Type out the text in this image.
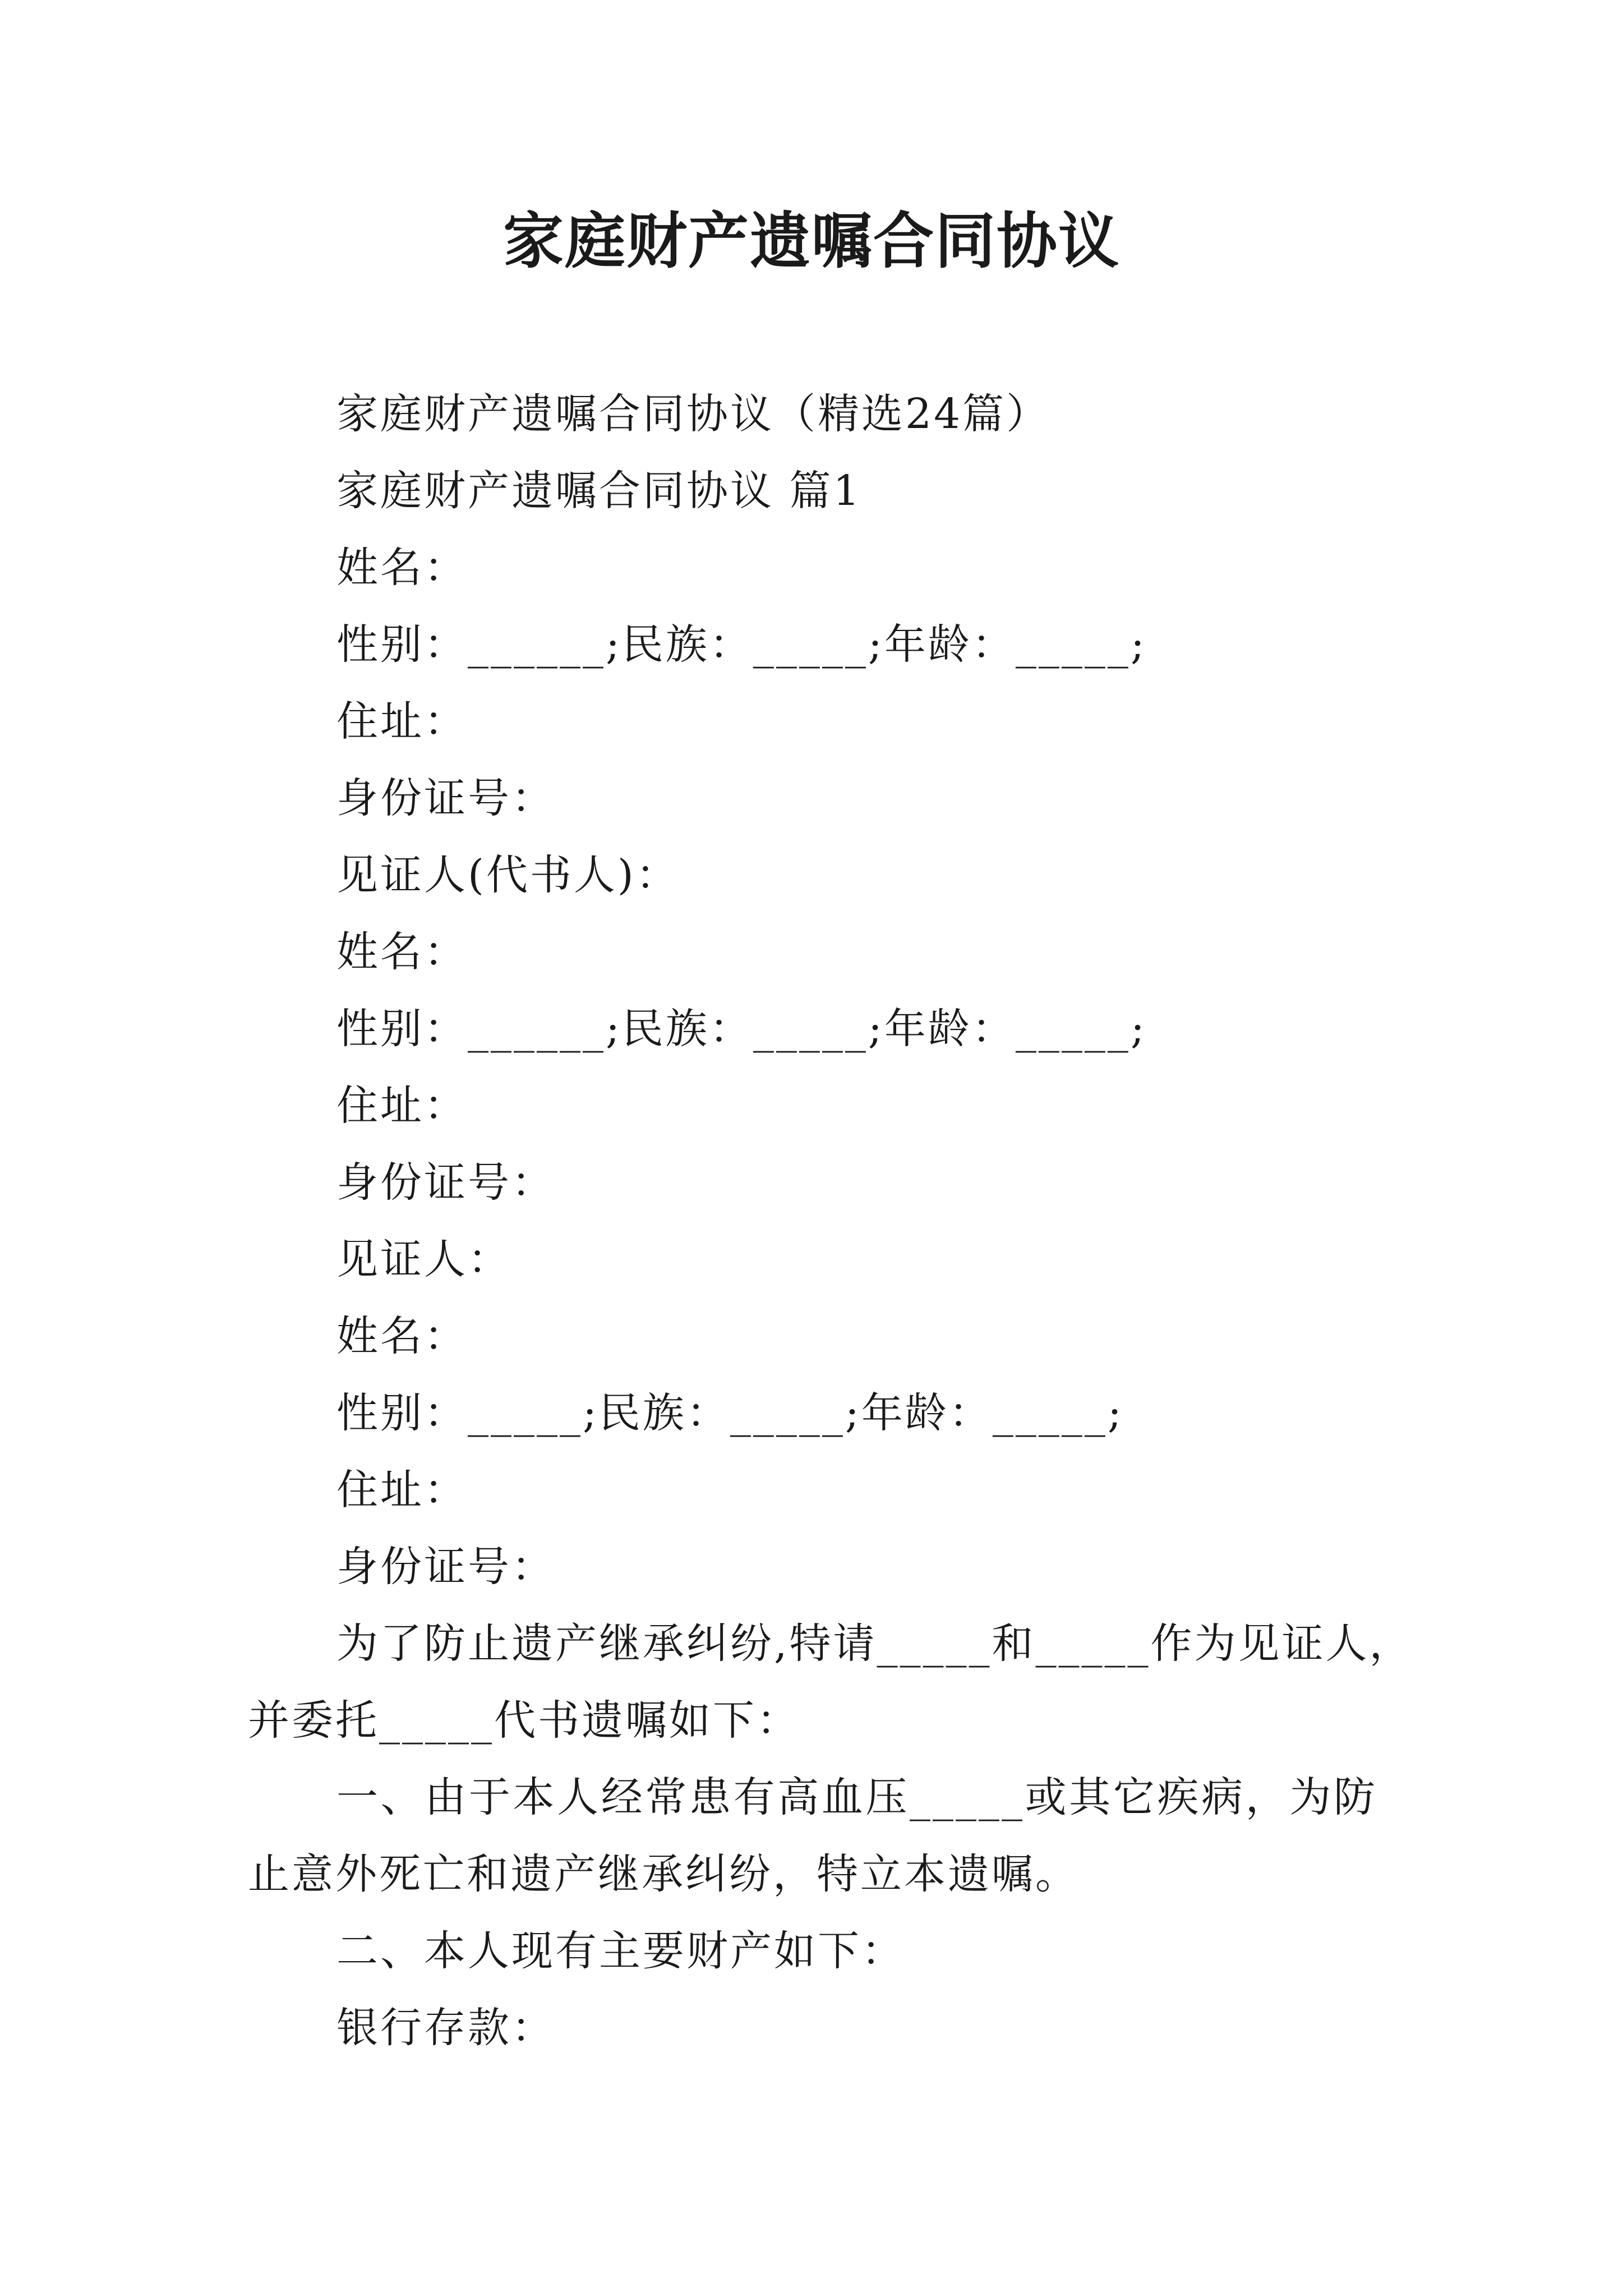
家庭财产遗嘱合同协议
家庭财产遗嘱合同协议（精选24篇）
家庭财产遗嘱合同协议 篇1
姓名：
性别：______;民族：_____;年龄：_____;
住址：
身份证号：
见证人(代书人)：
姓名：
性别：______;民族：_____;年龄：_____;
住址：
身份证号：
见证人：
姓名：
性别：_____;民族：_____;年龄：_____;
住址：
身份证号：
为了防止遗产继承纠纷,特请_____和_____作为见证人，
并委托_____代书遗嘱如下：
一、由于本人经常患有高血压_____或其它疾病，为防
止意外死亡和遗产继承纠纷，特立本遗嘱。
二、本人现有主要财产如下：
银行存款：
